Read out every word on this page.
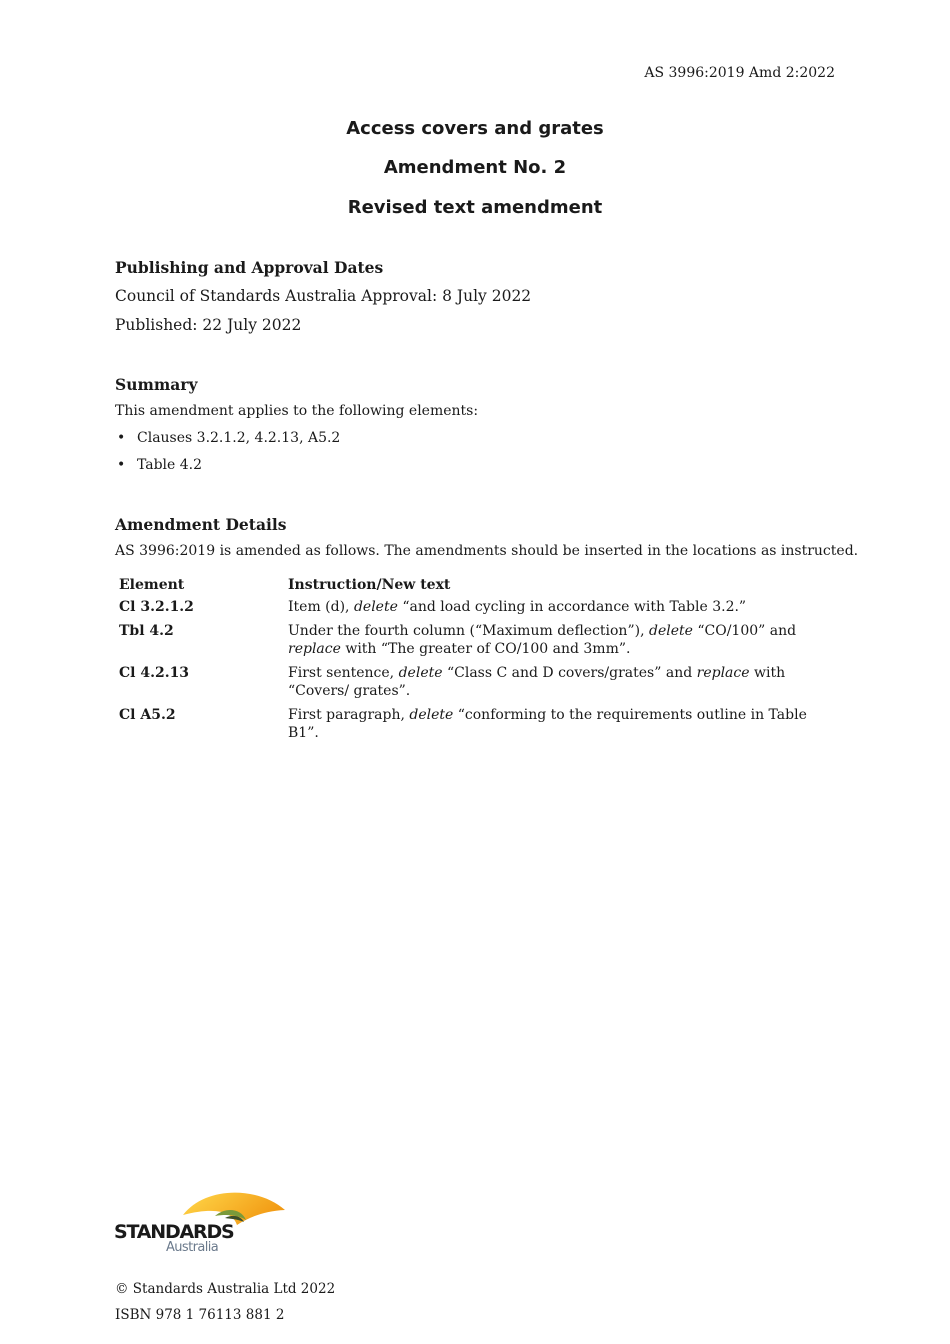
AS 3996:2019 Amd 2:2022
Access covers and grates
Amendment No. 2
Revised text amendment
Publishing and Approval Dates
Council of Standards Australia Approval: 8 July 2022
Published: 22 July 2022
Summary
This amendment applies to the following elements:
• Clauses 3.2.1.2, 4.2.13, A5.2
• Table 4.2
Amendment Details
AS 3996:2019 is amended as follows. The amendments should be inserted in the locations as instructed.
Element	Instruction/New text
Cl 3.2.1.2	Item (d), delete “and load cycling in accordance with Table 3.2.”
Tbl 4.2	Under the fourth column (“Maximum deflection”), delete “CO/100” and replace with “The greater of CO/100 and 3mm”.
Cl 4.2.13	First sentence, delete “Class C and D covers/grates” and replace with “Covers/ grates”.
Cl A5.2	First paragraph, delete “conforming to the requirements outline in Table B1”.
STANDARDS
Australia
© Standards Australia Ltd 2022
ISBN 978 1 76113 881 2
